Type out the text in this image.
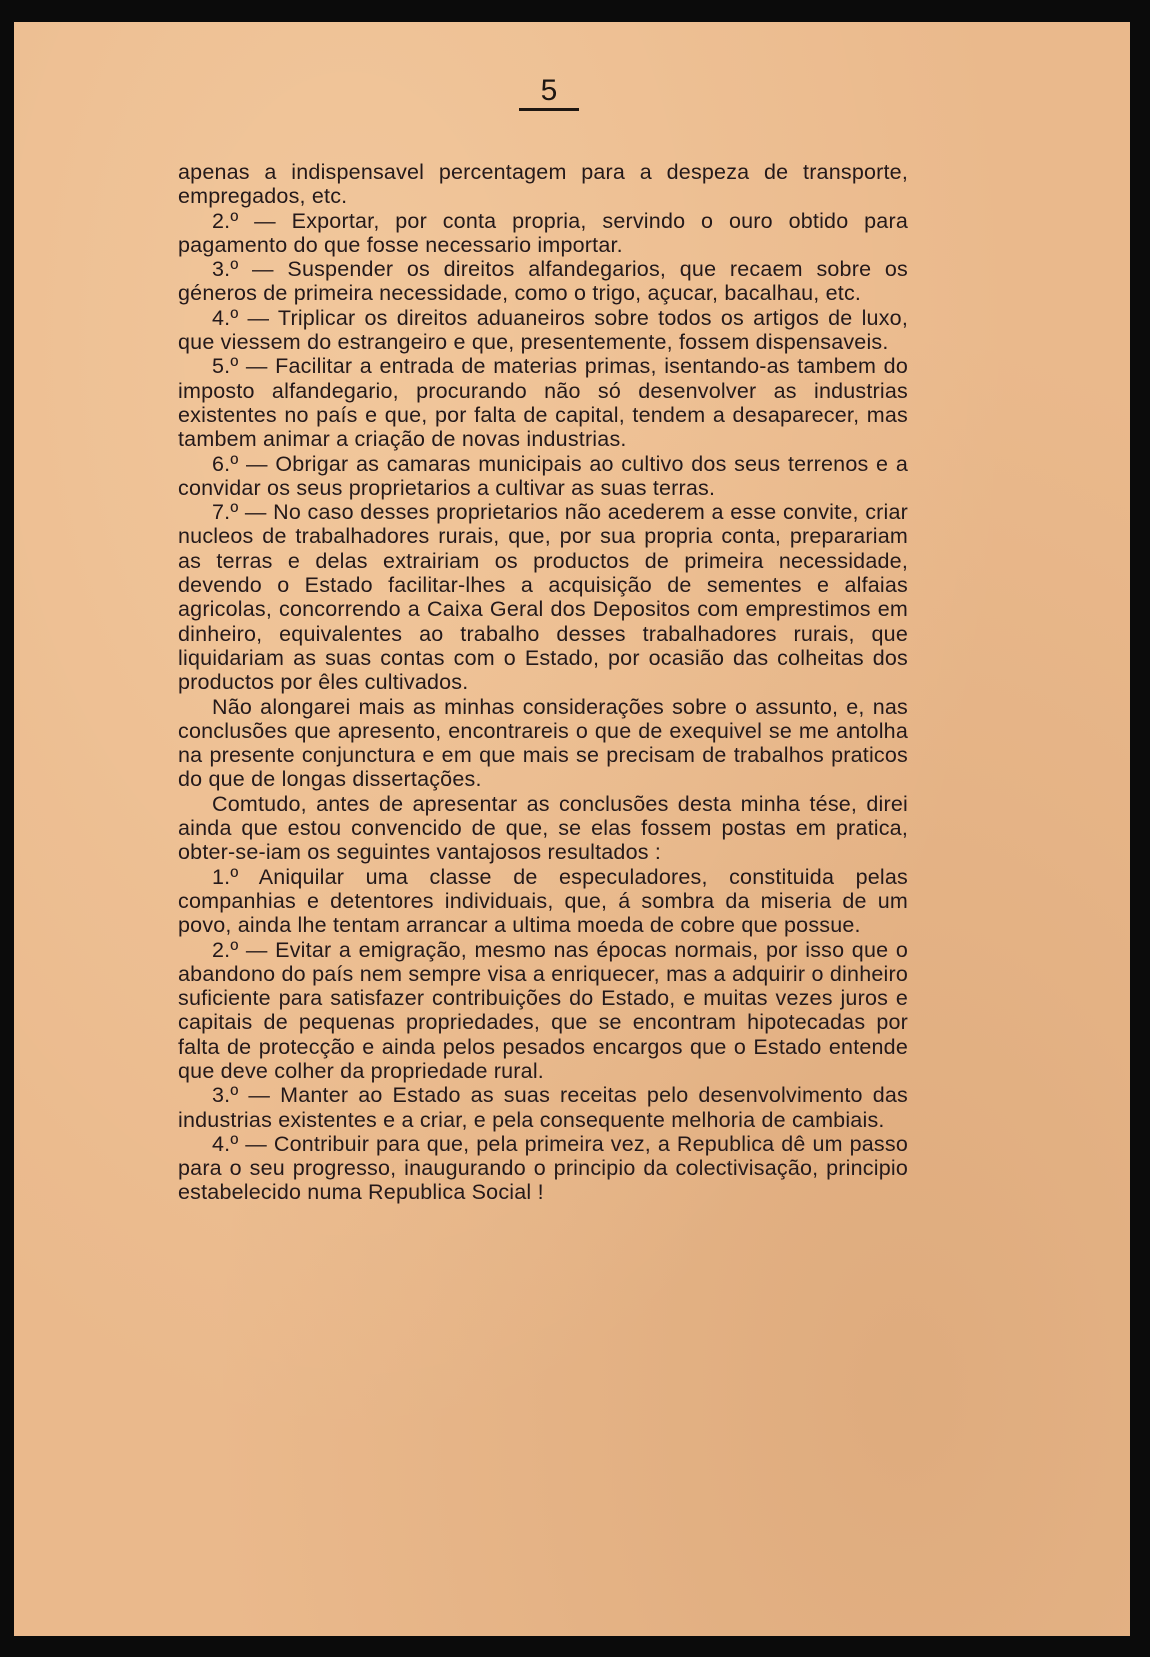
5

apenas a indispensavel percentagem para a despeza de transporte, empregados, etc.

2.º — Exportar, por conta propria, servindo o ouro obtido para pagamento do que fosse necessario importar.

3.º — Suspender os direitos alfandegarios, que recaem sobre os géneros de primeira necessidade, como o trigo, açucar, bacalhau, etc.

4.º — Triplicar os direitos aduaneiros sobre todos os artigos de luxo, que viessem do estrangeiro e que, presentemente, fossem dispensaveis.

5.º — Facilitar a entrada de materias primas, isentando-as tambem do imposto alfandegario, procurando não só desenvolver as industrias existentes no país e que, por falta de capital, tendem a desaparecer, mas tambem animar a criação de novas industrias.

6.º — Obrigar as camaras municipais ao cultivo dos seus terrenos e a convidar os seus proprietarios a cultivar as suas terras.

7.º — No caso desses proprietarios não acederem a esse convite, criar nucleos de trabalhadores rurais, que, por sua propria conta, preparariam as terras e delas extrairiam os productos de primeira necessidade, devendo o Estado facilitar-lhes a acquisição de sementes e alfaias agricolas, concorrendo a Caixa Geral dos Depositos com emprestimos em dinheiro, equivalentes ao trabalho desses trabalhadores rurais, que liquidariam as suas contas com o Estado, por ocasião das colheitas dos productos por êles cultivados.

Não alongarei mais as minhas considerações sobre o assunto, e, nas conclusões que apresento, encontrareis o que de exequivel se me antolha na presente conjunctura e em que mais se precisam de trabalhos praticos do que de longas dissertações.

Comtudo, antes de apresentar as conclusões desta minha tése, direi ainda que estou convencido de que, se elas fossem postas em pratica, obter-se-iam os seguintes vantajosos resultados :

1.º Aniquilar uma classe de especuladores, constituida pelas companhias e detentores individuais, que, á sombra da miseria de um povo, ainda lhe tentam arrancar a ultima moeda de cobre que possue.

2.º — Evitar a emigração, mesmo nas épocas normais, por isso que o abandono do país nem sempre visa a enriquecer, mas a adquirir o dinheiro suficiente para satisfazer contribuições do Estado, e muitas vezes juros e capitais de pequenas propriedades, que se encontram hipotecadas por falta de protecção e ainda pelos pesados encargos que o Estado entende que deve colher da propriedade rural.

3.º — Manter ao Estado as suas receitas pelo desenvolvimento das industrias existentes e a criar, e pela consequente melhoria de cambiais.

4.º — Contribuir para que, pela primeira vez, a Republica dê um passo para o seu progresso, inaugurando o principio da colectivisação, principio estabelecido numa Republica Social !
